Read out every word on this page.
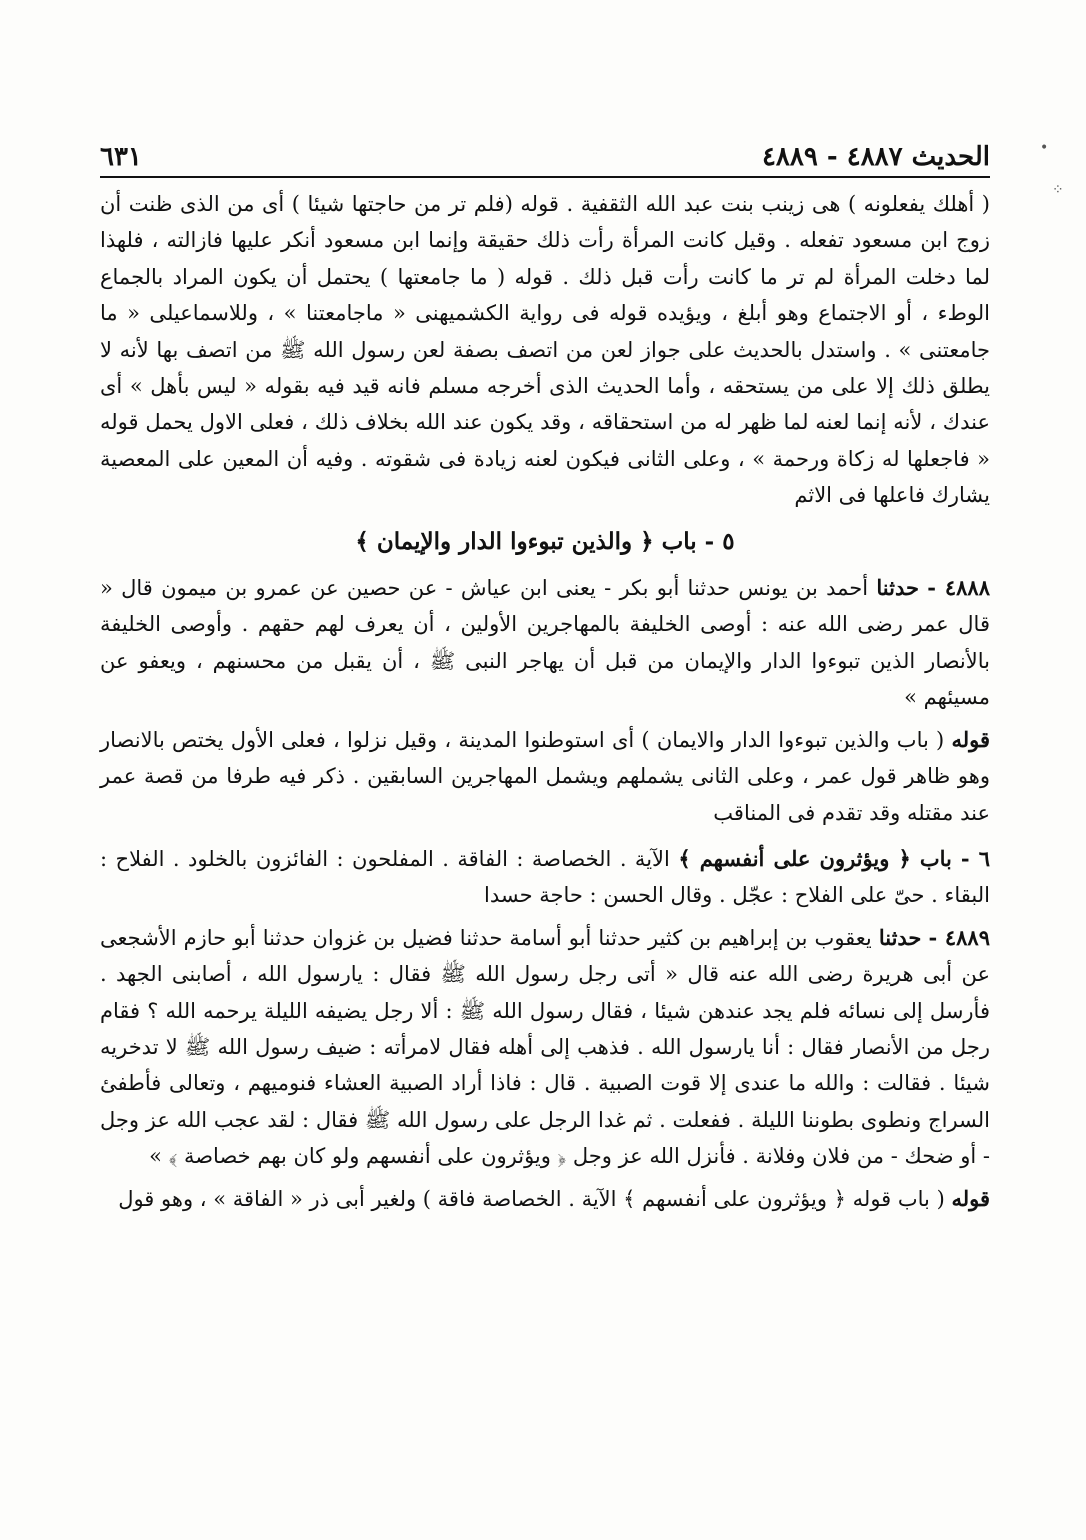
•
⁘
الحديث ٤٨٨٧ - ٤٨٨٩
٦٣١

( أهلك يفعلونه ) هى زينب بنت عبد الله الثقفية . قوله (فلم تر من حاجتها شيئا ) أى من الذى ظنت أن زوج ابن مسعود تفعله . وقيل كانت المرأة رأت ذلك حقيقة وإنما ابن مسعود أنكر عليها فازالته ، فلهذا لما دخلت المرأة لم تر ما كانت رأت قبل ذلك . قوله ( ما جامعتها ) يحتمل أن يكون المراد بالجماع الوطء ، أو الاجتماع وهو أبلغ ، ويؤيده قوله فى رواية الكشميهنى « ماجامعتنا » ، وللاسماعيلى « ما جامعتنى » . واستدل بالحديث على جواز لعن من اتصف بصفة لعن رسول الله ﷺ من اتصف بها لأنه لا يطلق ذلك إلا على من يستحقه ، وأما الحديث الذى أخرجه مسلم فانه قيد فيه بقوله « ليس بأهل » أى عندك ، لأنه إنما لعنه لما ظهر له من استحقاقه ، وقد يكون عند الله بخلاف ذلك ، فعلى الاول يحمل قوله « فاجعلها له زكاة ورحمة » ، وعلى الثانى فيكون لعنه زيادة فى شقوته . وفيه أن المعين على المعصية يشارك فاعلها فى الاثم

٥ - باب ﴿ والذين تبوءوا الدار والإيمان ﴾

٤٨٨٨ - حدثنا أحمد بن يونس حدثنا أبو بكر - يعنى ابن عياش - عن حصين عن عمرو بن ميمون قال « قال عمر رضى الله عنه : أوصى الخليفة بالمهاجرين الأولين ، أن يعرف لهم حقهم . وأوصى الخليفة بالأنصار الذين تبوءوا الدار والإيمان من قبل أن يهاجر النبى ﷺ ، أن يقبل من محسنهم ، ويعفو عن مسيئهم »

قوله ( باب والذين تبوءوا الدار والايمان ) أى استوطنوا المدينة ، وقيل نزلوا ، فعلى الأول يختص بالانصار وهو ظاهر قول عمر ، وعلى الثانى يشملهم ويشمل المهاجرين السابقين . ذكر فيه طرفا من قصة عمر عند مقتله وقد تقدم فى المناقب

٦ - باب ﴿ ويؤثرون على أنفسهم ﴾ الآية . الخصاصة : الفاقة . المفلحون : الفائزون بالخلود . الفلاح : البقاء . حىّ على الفلاح : عجّل . وقال الحسن : حاجة حسدا

٤٨٨٩ - حدثنا يعقوب بن إبراهيم بن كثير حدثنا أبو أسامة حدثنا فضيل بن غزوان حدثنا أبو حازم الأشجعى عن أبى هريرة رضى الله عنه قال « أتى رجل رسول الله ﷺ فقال : يارسول الله ، أصابنى الجهد . فأرسل إلى نسائه فلم يجد عندهن شيئا ، فقال رسول الله ﷺ : ألا رجل يضيفه الليلة يرحمه الله ؟ فقام رجل من الأنصار فقال : أنا يارسول الله . فذهب إلى أهله فقال لامرأته : ضيف رسول الله ﷺ لا تدخريه شيئا . فقالت : والله ما عندى إلا قوت الصبية . قال : فاذا أراد الصبية العشاء فنوميهم ، وتعالى فأطفئ السراج ونطوى بطوننا الليلة . ففعلت . ثم غدا الرجل على رسول الله ﷺ فقال : لقد عجب الله عز وجل - أو ضحك - من فلان وفلانة . فأنزل الله عز وجل ﴿ ويؤثرون على أنفسهم ولو كان بهم خصاصة ﴾ »

قوله ( باب قوله ﴿ ويؤثرون على أنفسهم ﴾ الآية . الخصاصة فاقة ) ولغير أبى ذر « الفاقة » ، وهو قول
